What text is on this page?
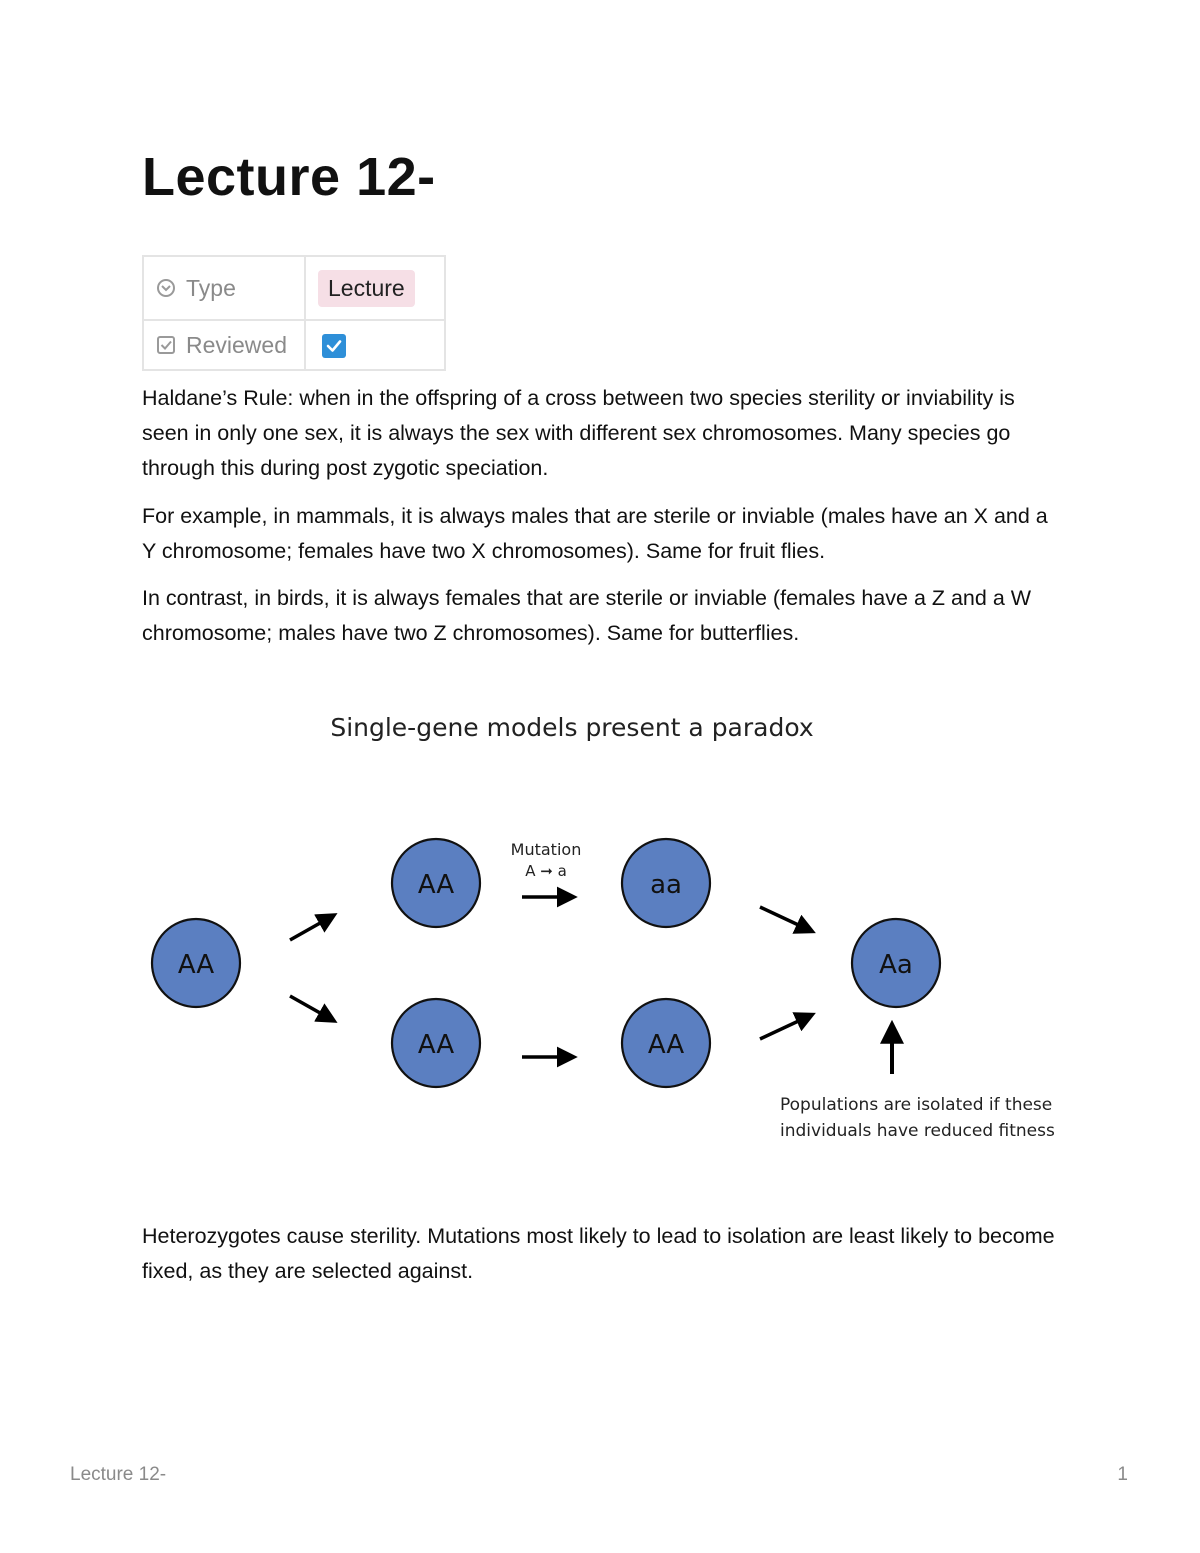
Lecture 12-
Type	Lecture

Reviewed

Haldane’s Rule: when in the offspring of a cross between two species sterility or inviability is seen in only one sex, it is always the sex with different sex chromosomes. Many species go through this during post zygotic speciation.

For example, in mammals, it is always males that are sterile or inviable (males have an X and a Y chromosome; females have two X chromosomes). Same for fruit flies.

In contrast, in birds, it is always females that are sterile or inviable (females have a Z and a W chromosome; males have two Z chromosomes). Same for butterflies.

Single-gene models present a paradox
AA
AA	aa
AA	AA
Aa
Mutation
A ➞ a
Populations are isolated if these
individuals have reduced fitness

Heterozygotes cause sterility. Mutations most likely to lead to isolation are least likely to become fixed, as they are selected against.

Lecture 12-	1
